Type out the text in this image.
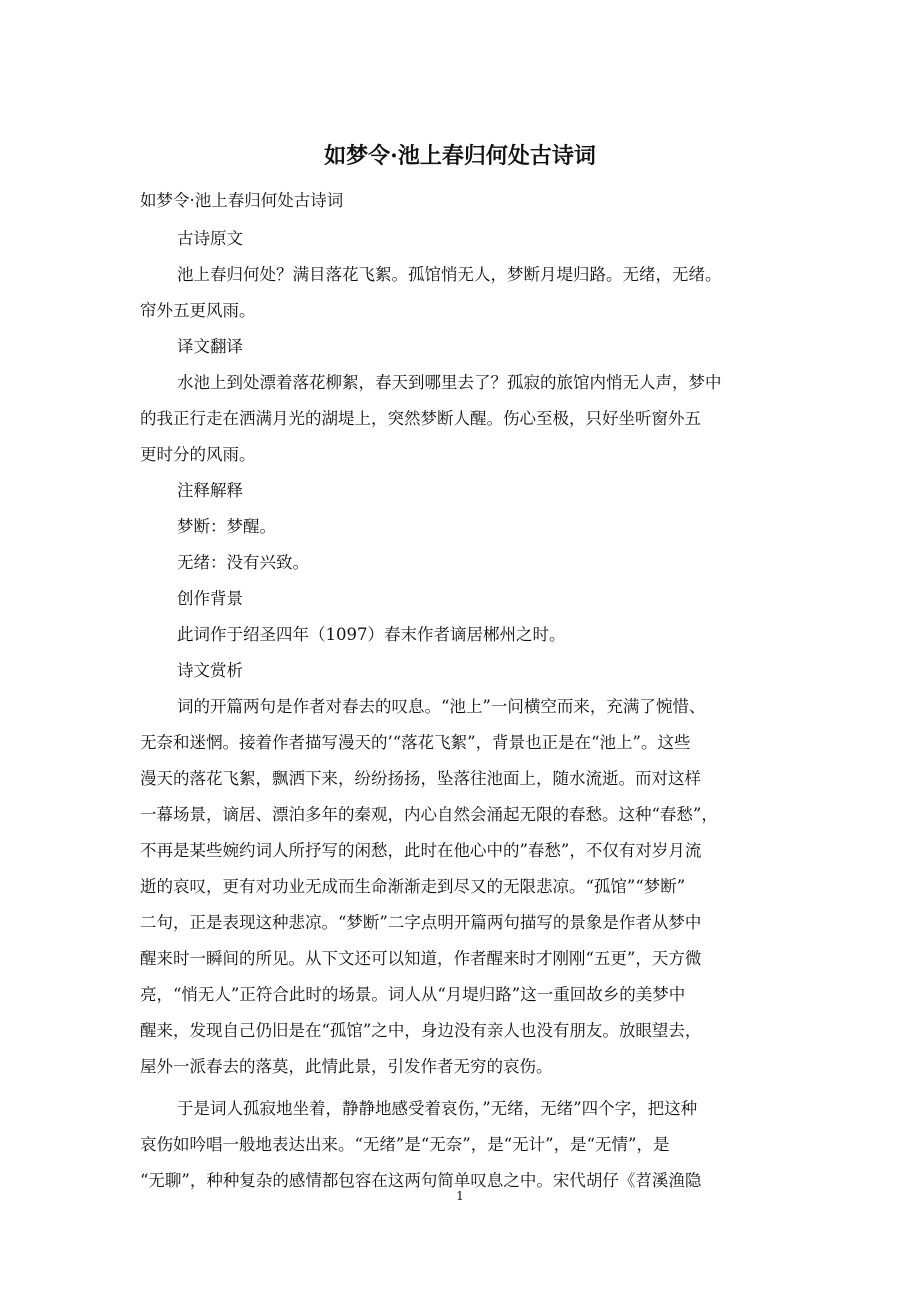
如梦令·池上春归何处古诗词
如梦令·池上春归何处古诗词
古诗原文
池上春归何处？满目落花飞絮。孤馆悄无人，梦断月堤归路。无绪，无绪。
帘外五更风雨。
译文翻译
水池上到处漂着落花柳絮，春天到哪里去了？孤寂的旅馆内悄无人声，梦中
的我正行走在洒满月光的湖堤上，突然梦断人醒。伤心至极，只好坐听窗外五
更时分的风雨。
注释解释
梦断：梦醒。
无绪：没有兴致。
创作背景
此词作于绍圣四年（1097）春末作者谪居郴州之时。
诗文赏析
词的开篇两句是作者对春去的叹息。“池上”一问横空而来，充满了惋惜、
无奈和迷惘。接着作者描写漫天的’“落花飞絮”，背景也正是在“池上”。这些
漫天的落花飞絮，飘洒下来，纷纷扬扬，坠落往池面上，随水流逝。而对这样
一幕场景，谪居、漂泊多年的秦观，内心自然会涌起无限的春愁。这种“春愁”，
不再是某些婉约词人所抒写的闲愁，此时在他心中的”春愁”，不仅有对岁月流
逝的哀叹，更有对功业无成而生命渐渐走到尽又的无限悲凉。“孤馆”“梦断”
二句，正是表现这种悲凉。“梦断”二字点明开篇两句描写的景象是作者从梦中
醒来时一瞬间的所见。从下文还可以知道，作者醒来时才刚刚“五更”，天方微
亮，“悄无人”正符合此时的场景。词人从“月堤归路”这一重回故乡的美梦中
醒来，发现自己仍旧是在“孤馆”之中，身边没有亲人也没有朋友。放眼望去，
屋外一派春去的落莫，此情此景，引发作者无穷的哀伤。
于是词人孤寂地坐着，静静地感受着哀伤，”无绪，无绪”四个字，把这种
哀伤如吟唱一般地表达出来。“无绪”是“无奈”，是“无计”，是“无情”，是
“无聊”，种种复杂的感情都包容在这两句简单叹息之中。宋代胡仔《苕溪渔隐
1
